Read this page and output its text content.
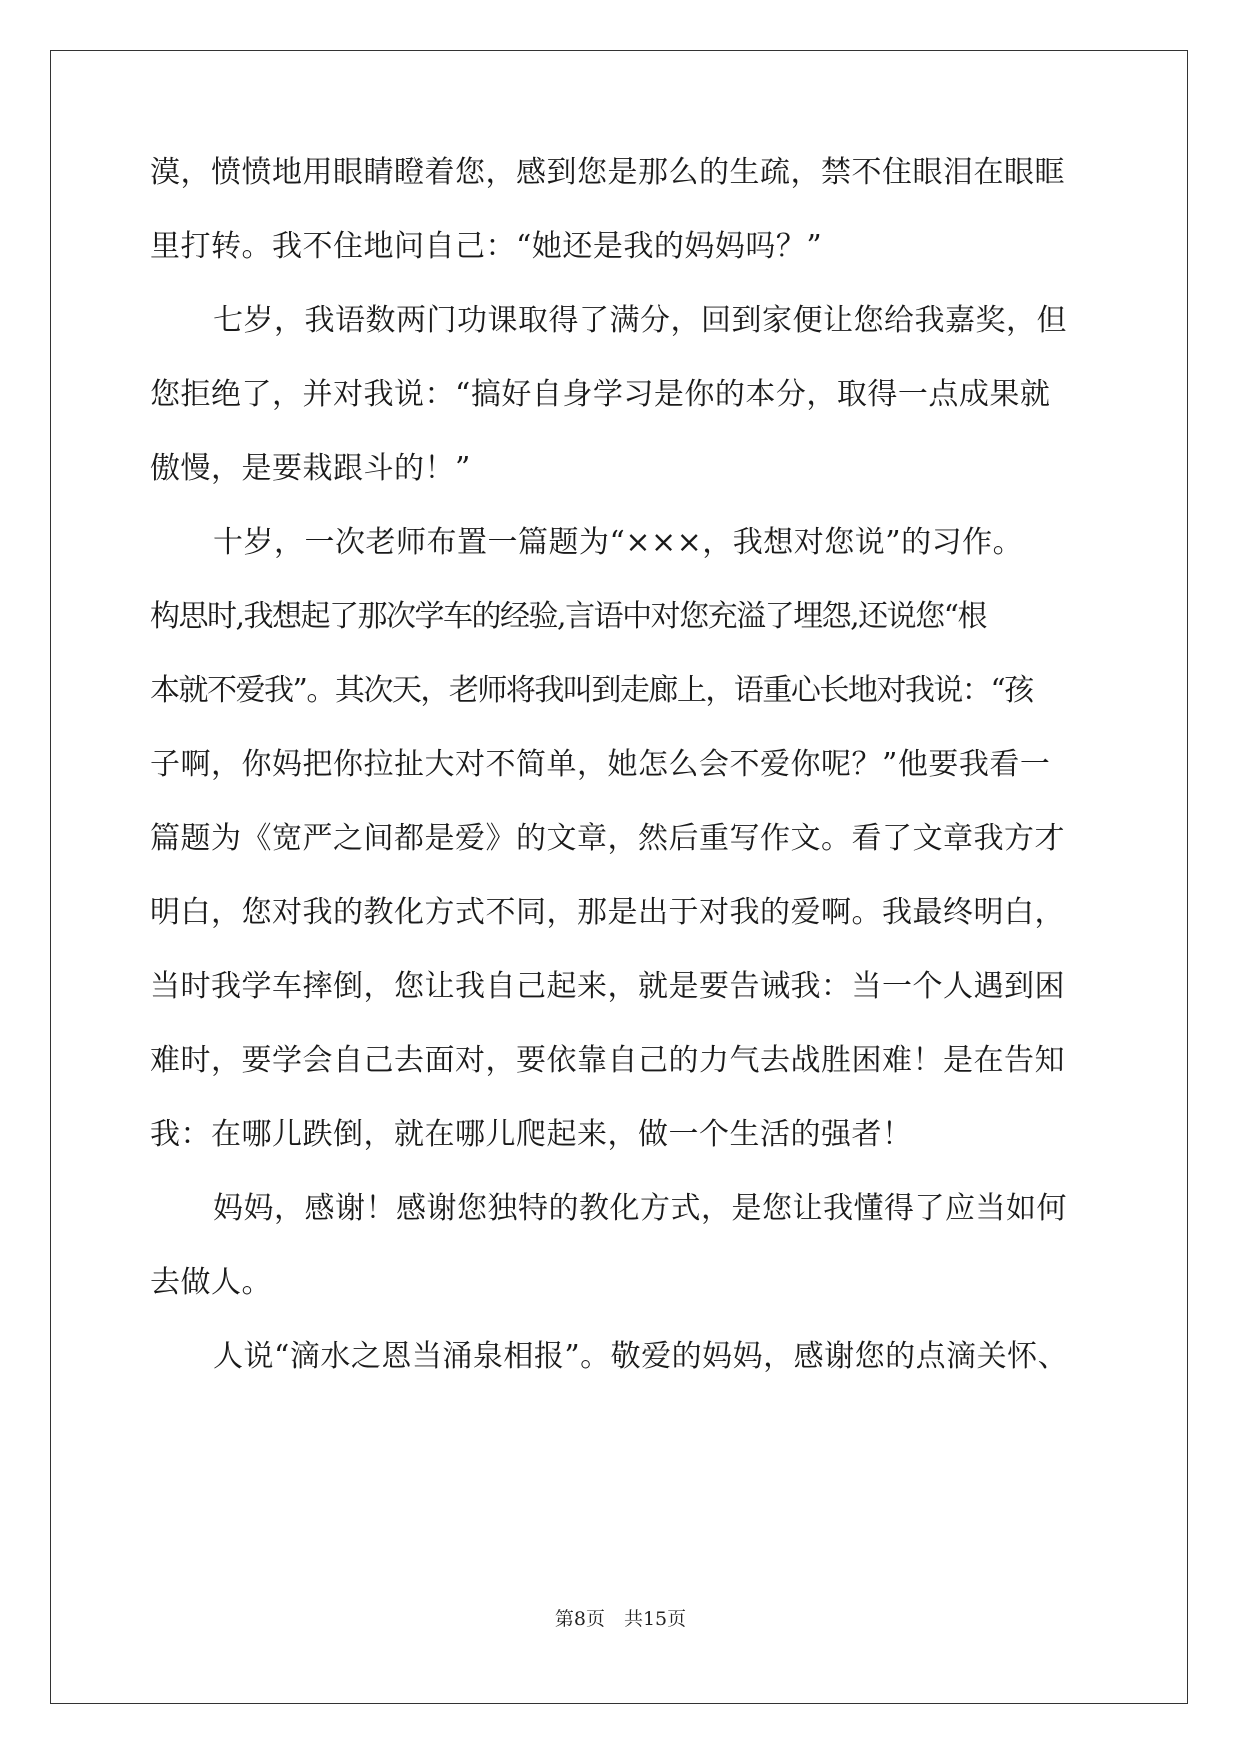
漠，愤愤地用眼睛瞪着您，感到您是那么的生疏，禁不住眼泪在眼眶
里打转。我不住地问自己：“她还是我的妈妈吗？”
七岁，我语数两门功课取得了满分，回到家便让您给我嘉奖，但
您拒绝了，并对我说：“搞好自身学习是你的本分，取得一点成果就
傲慢，是要栽跟斗的！”
十岁，一次老师布置一篇题为“×××，我想对您说”的习作。
构思时,我想起了那次学车的经验,言语中对您充溢了埋怨,还说您“根
本就不爱我”。其次天，老师将我叫到走廊上，语重心长地对我说：“孩
子啊，你妈把你拉扯大对不简单，她怎么会不爱你呢？”他要我看一
篇题为《宽严之间都是爱》的文章，然后重写作文。看了文章我方才
明白，您对我的教化方式不同，那是出于对我的爱啊。我最终明白，
当时我学车摔倒，您让我自己起来，就是要告诫我：当一个人遇到困
难时，要学会自己去面对，要依靠自己的力气去战胜困难！是在告知
我：在哪儿跌倒，就在哪儿爬起来，做一个生活的强者！
妈妈，感谢！感谢您独特的教化方式，是您让我懂得了应当如何
去做人。
人说“滴水之恩当涌泉相报”。敬爱的妈妈，感谢您的点滴关怀、
第8页　共15页
